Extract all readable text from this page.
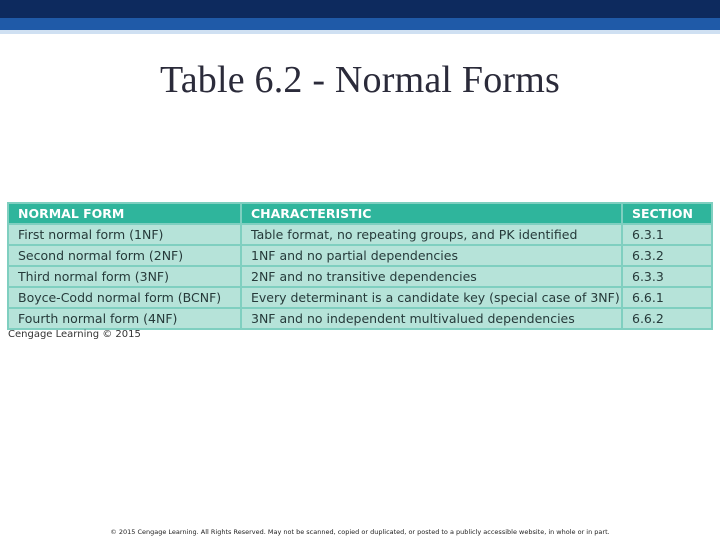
Table 6.2 - Normal Forms
NORMAL FORM	CHARACTERISTIC	SECTION
First normal form (1NF)	Table format, no repeating groups, and PK identified	6.3.1
Second normal form (2NF)	1NF and no partial dependencies	6.3.2
Third normal form (3NF)	2NF and no transitive dependencies	6.3.3
Boyce-Codd normal form (BCNF)	Every determinant is a candidate key (special case of 3NF)	6.6.1
Fourth normal form (4NF)	3NF and no independent multivalued dependencies	6.6.2
Cengage Learning © 2015
© 2015 Cengage Learning. All Rights Reserved. May not be scanned, copied or duplicated, or posted to a publicly accessible website, in whole or in part.
